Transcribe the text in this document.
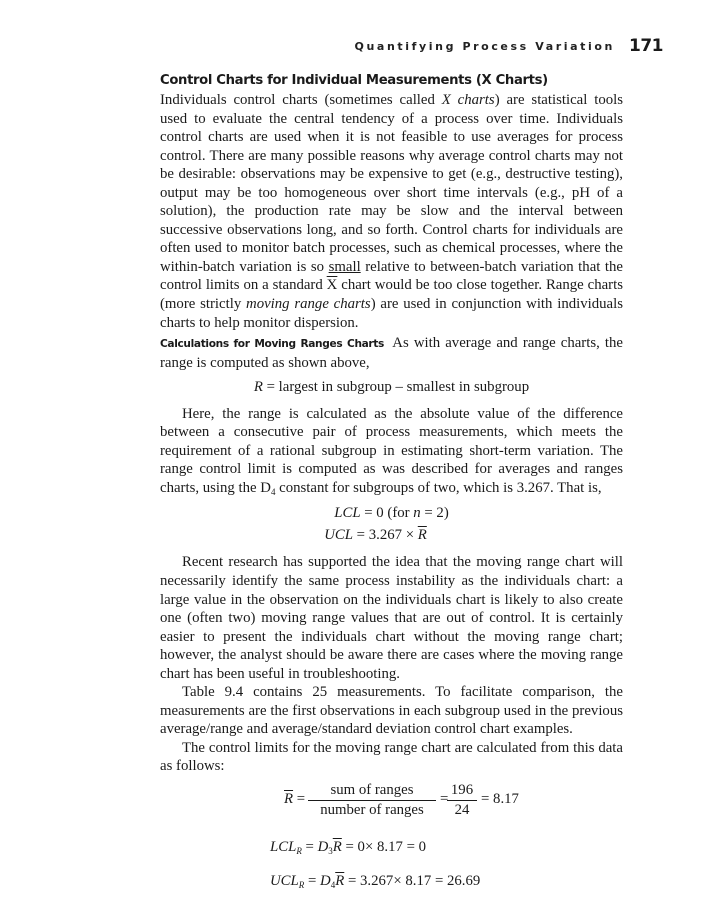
Quantifying Process Variation 171
Control Charts for Individual Measurements (X Charts)

Individuals control charts (sometimes called X charts) are statistical tools used to evaluate the central tendency of a process over time. Individuals control charts are used when it is not feasible to use averages for process control. There are many possible reasons why average control charts may not be desirable: observations may be expensive to get (e.g., destructive testing), output may be too homogeneous over short time intervals (e.g., pH of a solution), the production rate may be slow and the interval between successive observations long, and so forth. Control charts for individuals are often used to monitor batch processes, such as chemical processes, where the within-batch variation is so small relative to between-batch variation that the control limits on a standard $\overline{X}$ chart would be too close together. Range charts (more strictly moving range charts) are used in conjunction with individuals charts to help monitor dispersion.

Calculations for Moving Ranges Charts As with average and range charts, the range is computed as shown above,

R = largest in subgroup – smallest in subgroup

Here, the range is calculated as the absolute value of the difference between a consecutive pair of process measurements, which meets the requirement of a rational subgroup in estimating short-term variation. The range control limit is computed as was described for averages and ranges charts, using the $D_4$ constant for subgroups of two, which is 3.267. That is,

LCL = 0 (for n = 2)

UCL = $3.267 \times \overline{R}$

Recent research has supported the idea that the moving range chart will necessarily identify the same process instability as the individuals chart: a large value in the observation on the individuals chart is likely to also create one (often two) moving range values that are out of control. It is certainly easier to present the individuals chart without the moving range chart; however, the analyst should be aware there are cases where the moving range chart has been useful in troubleshooting.

Table 9.4 contains 25 measurements. To facilitate comparison, the measurements are the first observations in each subgroup used in the previous average/range and average/standard deviation control chart examples.

The control limits for the moving range chart are calculated from this data as follows:

$\overline{R}$ =
sum of ranges
number of ranges
=
$\frac{196}{24} = 8.17$
$LCL_R = D_3\overline{R} = 0\times 8.17 = 0$
$UCL_R = D_4\overline{R} = 3.267\times 8.17 = 26.69$
